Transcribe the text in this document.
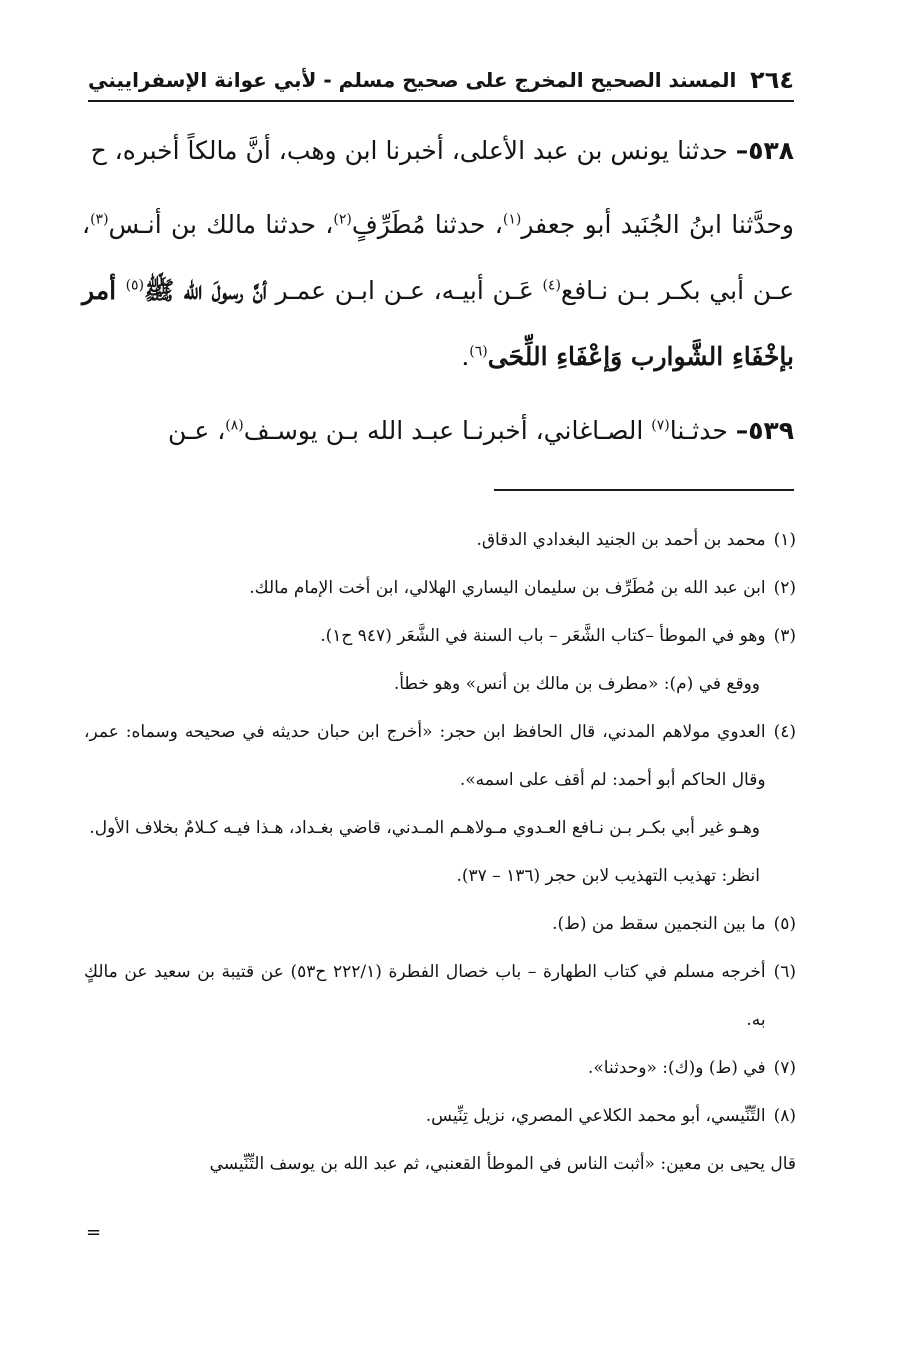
٢٦٤
المسند الصحيح المخرج على صحيح مسلم - لأبي عوانة الإسفراييني

٥٣٨– حدثنا يونس بن عبد الأعلى، أخبرنا ابن وهب، أنَّ مالكاً أخبره، ح

وحدَّثنا ابنُ الجُنَيد أبو جعفر$^{(١)}$، حدثنا مُطَرِّفٍ$^{(٢)}$، حدثنا مالك بن أنـس$^{(٣)}$، عـن أبي بكـر بـن نـافع$^{(٤)}$ عَـن أبيـه، عـن ابـن عمـر أنَّ رسولَ الله ﷺ$^{(٥)}$ أمر بإخْفَاءِ الشَّوارب وَإعْفَاءِ اللِّحَى$^{(٦)}$.

٥٣٩– حدثـنا$^{(٧)}$ الصـاغاني، أخبرنـا عبـد الله بـن يوسـف$^{(٨)}$، عـن

(١)
محمد بن أحمد بن الجنيد البغدادي الدقاق.
(٢)
ابن عبد الله بن مُطَرِّف بن سليمان اليساري الهلالي، ابن أخت الإمام مالك.
(٣)
وهو في الموطأ –كتاب الشَّعَر – باب السنة في الشَّعَر (٩٤٧ ح١).

ووقع في (م): «مطرف بن مالك بن أنس» وهو خطأ.

(٤)
العدوي مولاهم المدني، قال الحافظ ابن حجر: «أخرج ابن حبان حديثه في صحيحه وسماه: عمر، وقال الحاكم أبو أحمد: لم أقف على اسمه».

وهـو غير أبي بكـر بـن نـافع العـدوي مـولاهـم المـدني، قاضي بغـداد، هـذا فيـه كـلامٌ بخلاف الأول.

انظر: تهذيب التهذيب لابن حجر (١٣٦ – ٣٧).

(٥)
ما بين النجمين سقط من (ط).
(٦)
أخرجه مسلم في كتاب الطهارة – باب خصال الفطرة (٢٢٢/١ ح٥٣) عن قتيبة بن سعيد عن مالكٍ به.
(٧)
في (ط) و(ك): «وحدثنا».
(٨)
التِّنِّيسي، أبو محمد الكلاعي المصري، نزيل تِنِّيس.

قال يحيى بن معين: «أثبت الناس في الموطأ القعنبي، ثم عبد الله بن يوسف التِّنِّيسي

=
